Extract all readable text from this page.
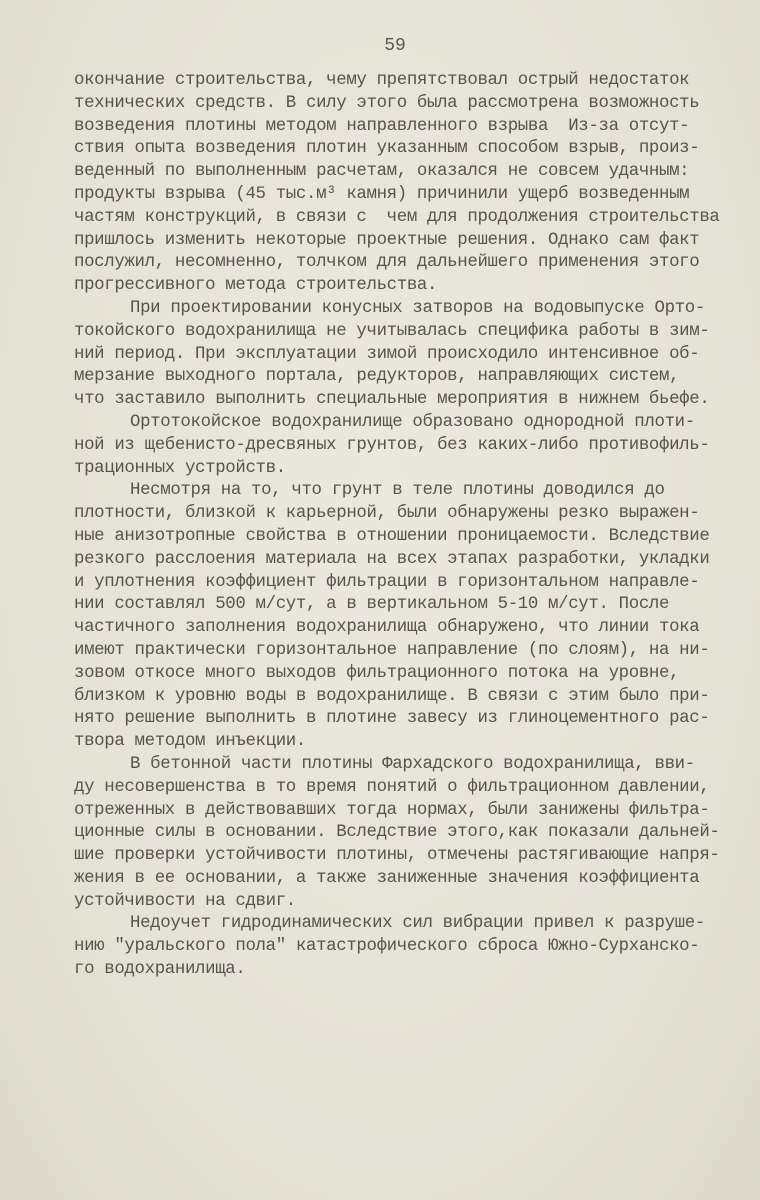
59
окончание строительства, чему препятствовал острый недостаток
технических средств. В силу этого была рассмотрена возможность
возведения плотины методом направленного взрыва  Из-за отсут-
ствия опыта возведения плотин указанным способом взрыв, произ-
веденный по выполненным расчетам, оказался не совсем удачным:
продукты взрыва (45 тыс.м³ камня) причинили ущерб возведенным
частям конструкций, в связи с  чем для продолжения строительства
пришлось изменить некоторые проектные решения. Однако сам факт
послужил, несомненно, толчком для дальнейшего применения этого
прогрессивного метода строительства.
При проектировании конусных затворов на водовыпуске Орто-
токойского водохранилища не учитывалась специфика работы в зим-
ний период. При эксплуатации зимой происходило интенсивное об-
мерзание выходного портала, редукторов, направляющих систем,
что заставило выполнить специальные мероприятия в нижнем бьефе.
Ортотокойское водохранилище образовано однородной плоти-
ной из щебенисто-дресвяных грунтов, без каких-либо противофиль-
трационных устройств.
Несмотря на то, что грунт в теле плотины доводился до
плотности, близкой к карьерной, были обнаружены резко выражен-
ные анизотропные свойства в отношении проницаемости. Вследствие
резкого расслоения материала на всех этапах разработки, укладки
и уплотнения коэффициент фильтрации в горизонтальном направле-
нии составлял 500 м/сут, а в вертикальном 5-10 м/сут. После
частичного заполнения водохранилища обнаружено, что линии тока
имеют практически горизонтальное направление (по слоям), на ни-
зовом откосе много выходов фильтрационного потока на уровне,
близком к уровню воды в водохранилище. В связи с этим было при-
нято решение выполнить в плотине завесу из глиноцементного рас-
твора методом инъекции.
В бетонной части плотины Фархадского водохранилища, вви-
ду несовершенства в то время понятий о фильтрационном давлении,
отреженных в действовавших тогда нормах, были занижены фильтра-
ционные силы в основании. Вследствие этого,как показали дальней-
шие проверки устойчивости плотины, отмечены растягивающие напря-
жения в ее основании, а также заниженные значения коэффициента
устойчивости на сдвиг.
Недоучет гидродинамических сил вибрации привел к разруше-
нию "уральского пола" катастрофического сброса Южно-Сурханско-
го водохранилища.
